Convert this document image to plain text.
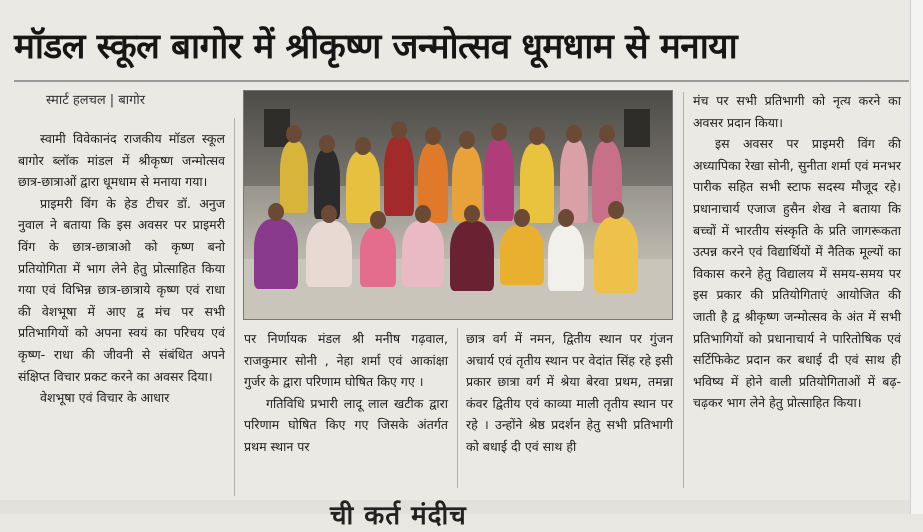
मॉडल स्कूल बागोर में श्रीकृष्ण जन्मोत्सव धूमधाम से मनाया
स्मार्ट हलचल | बागोर

स्वामी विवेकानंद राजकीय मॉडल स्कूल बागोर ब्लॉक मांडल में श्रीकृष्ण जन्मोत्सव छात्र-छात्राओं द्वारा धूमधाम से मनाया गया।

प्राइमरी विंग के हेड टीचर डॉ. अनुज नुवाल ने बताया कि इस अवसर पर प्राइमरी विंग के छात्र-छात्राओ को कृष्ण बनो प्रतियोगिता में भाग लेने हेतु प्रोत्साहित किया गया एवं विभिन्न छात्र-छात्राये कृष्ण एवं राधा की वेशभूषा में आए द्व मंच पर सभी प्रतिभागियों को अपना स्वयं का परिचय एवं कृष्ण- राधा की जीवनी से संबंधित अपने संक्षिप्त विचार प्रकट करने का अवसर दिया।

वेशभूषा एवं विचार के आधार

पर निर्णायक मंडल श्री मनीष गढ़वाल, राजकुमार सोनी , नेहा शर्मा एवं आकांक्षा गुर्जर के द्वारा परिणाम घोषित किए गए ।

गतिविधि प्रभारी लादू लाल खटीक द्वारा परिणाम घोषित किए गए जिसके अंतर्गत प्रथम स्थान पर

छात्र वर्ग में नमन, द्वितीय स्थान पर गुंजन अचार्य एवं तृतीय स्थान पर वेदांत सिंह रहे इसी प्रकार छात्रा वर्ग में श्रेया बेरवा प्रथम, तमन्ना कंवर द्वितीय एवं काव्या माली तृतीय स्थान पर रहे । उन्होंने श्रेष्ठ प्रदर्शन हेतु सभी प्रतिभागी को बधाई दी एवं साथ ही

मंच पर सभी प्रतिभागी को नृत्य करने का अवसर प्रदान किया।

इस अवसर पर प्राइमरी विंग की अध्यापिका रेखा सोनी, सुनीता शर्मा एवं मनभर पारीक सहित सभी स्टाफ सदस्य मौजूद रहे। प्रधानाचार्य एजाज हुसैन शेख ने बताया कि बच्चों में भारतीय संस्कृति के प्रति जागरूकता उत्पन्न करने एवं विद्यार्थियों में नैतिक मूल्यों का विकास करने हेतु विद्यालय में समय-समय पर इस प्रकार की प्रतियोगिताएं आयोजित की जाती है द्व श्रीकृष्ण जन्मोत्सव के अंत में सभी प्रतिभागियों को प्रधानाचार्य ने पारितोषिक एवं सर्टिफिकेट प्रदान कर बधाई दी एवं साथ ही भविष्य में होने वाली प्रतियोगिताओं में बढ़-चढ़कर भाग लेने हेतु प्रोत्साहित किया।

ची कर्त मंदीच
